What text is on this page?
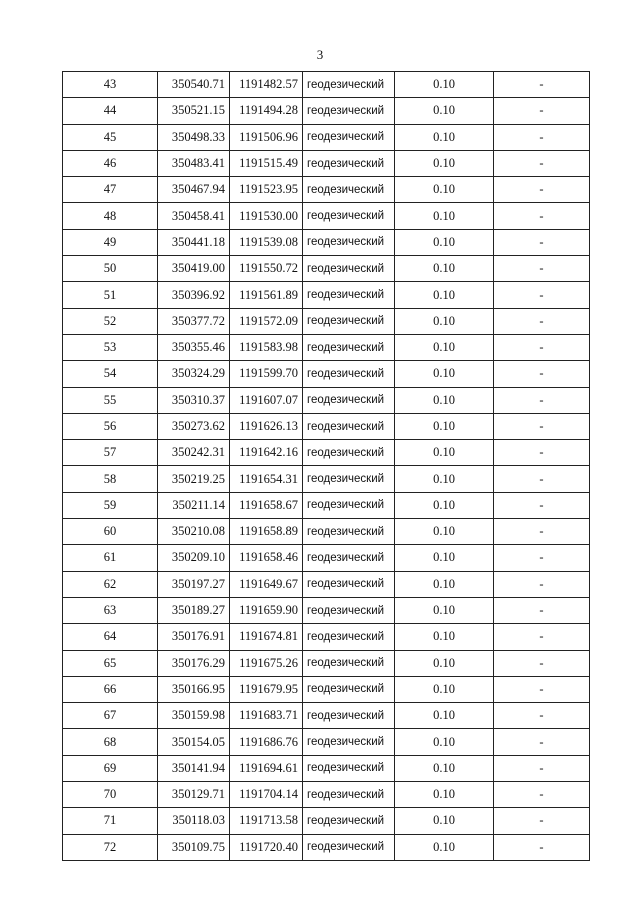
3
43	350540.71	1191482.57	геодезический	0.10	-
44	350521.15	1191494.28	геодезический	0.10	-
45	350498.33	1191506.96	геодезический	0.10	-
46	350483.41	1191515.49	геодезический	0.10	-
47	350467.94	1191523.95	геодезический	0.10	-
48	350458.41	1191530.00	геодезический	0.10	-
49	350441.18	1191539.08	геодезический	0.10	-
50	350419.00	1191550.72	геодезический	0.10	-
51	350396.92	1191561.89	геодезический	0.10	-
52	350377.72	1191572.09	геодезический	0.10	-
53	350355.46	1191583.98	геодезический	0.10	-
54	350324.29	1191599.70	геодезический	0.10	-
55	350310.37	1191607.07	геодезический	0.10	-
56	350273.62	1191626.13	геодезический	0.10	-
57	350242.31	1191642.16	геодезический	0.10	-
58	350219.25	1191654.31	геодезический	0.10	-
59	350211.14	1191658.67	геодезический	0.10	-
60	350210.08	1191658.89	геодезический	0.10	-
61	350209.10	1191658.46	геодезический	0.10	-
62	350197.27	1191649.67	геодезический	0.10	-
63	350189.27	1191659.90	геодезический	0.10	-
64	350176.91	1191674.81	геодезический	0.10	-
65	350176.29	1191675.26	геодезический	0.10	-
66	350166.95	1191679.95	геодезический	0.10	-
67	350159.98	1191683.71	геодезический	0.10	-
68	350154.05	1191686.76	геодезический	0.10	-
69	350141.94	1191694.61	геодезический	0.10	-
70	350129.71	1191704.14	геодезический	0.10	-
71	350118.03	1191713.58	геодезический	0.10	-
72	350109.75	1191720.40	геодезический	0.10	-
